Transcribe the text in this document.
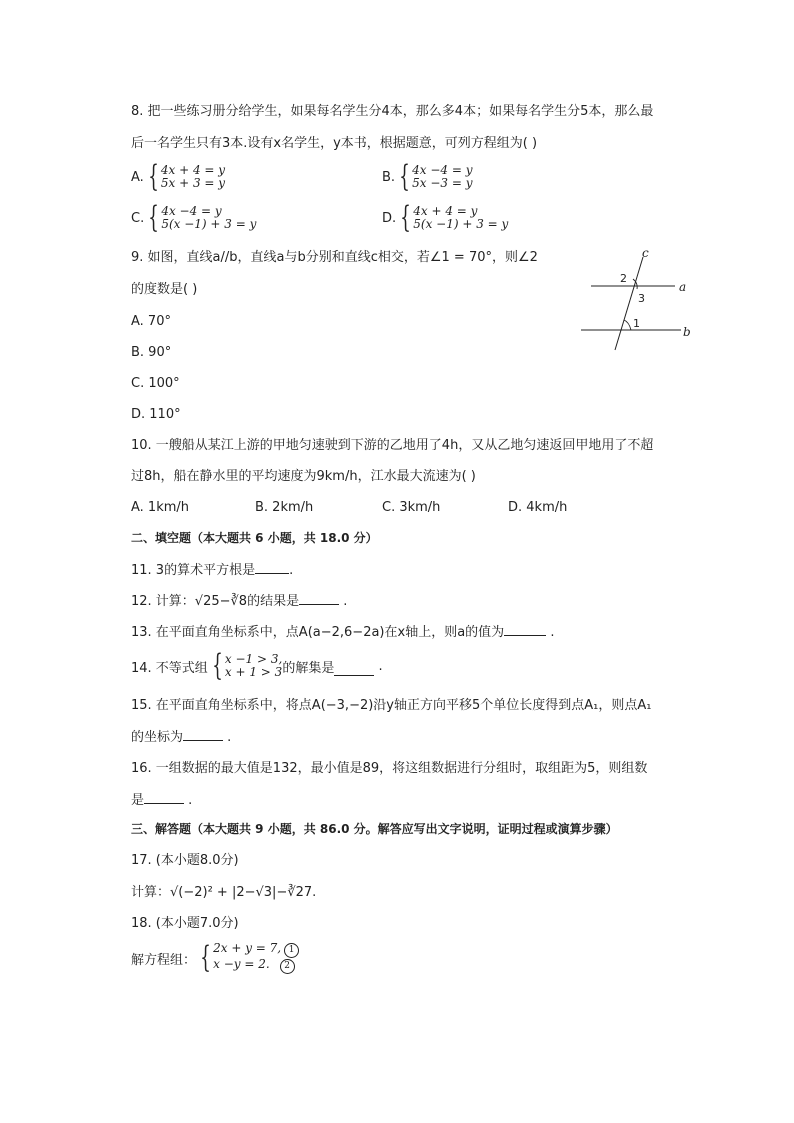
8. 把一些练习册分给学生，如果每名学生分4本，那么多4本；如果每名学生分5本，那么最
后一名学生只有3本.设有x名学生，y本书，根据题意，可列方程组为( )
A. { 4x + 4 = y
5x + 3 = y	B. { 4x −4 = y
5x −3 = y
C. { 4x −4 = y
5(x −1) + 3 = y	D. { 4x + 4 = y
5(x −1) + 3 = y
9. 如图，直线a//b，直线a与b分别和直线c相交，若∠1 = 70°，则∠2
的度数是( )
A. 70°
B. 90°
C. 100°
D. 110°
c
a
b
2
3
1
10. 一艘船从某江上游的甲地匀速驶到下游的乙地用了4h，又从乙地匀速返回甲地用了不超
过8h，船在静水里的平均速度为9km/h，江水最大流速为( )
A. 1km/h	B. 2km/h	C. 3km/h	D. 4km/h
二、填空题（本大题共 6 小题，共 18.0 分）
11. 3的算术平方根是	.
12. 计算：√25−∛8的结果是	.
13. 在平面直角坐标系中，点A(a−2,6−2a)在x轴上，则a的值为	.
14. 不等式组 { x −1 > 3,
x + 1 > 3 的解集是
	.
15. 在平面直角坐标系中，将点A(−3,−2)沿y轴正方向平移5个单位长度得到点A₁，则点A₁
的坐标为	.
16. 一组数据的最大值是132，最小值是89，将这组数据进行分组时，取组距为5，则组数
是	.
三、解答题（本大题共 9 小题，共 86.0 分。解答应写出文字说明，证明过程或演算步骤）
17. (本小题8.0分)
计算：√(−2)² + |2−√3|−∛27.
18. (本小题7.0分)
解方程组： { 2x + y = 7, 1
x −y = 2. 2
